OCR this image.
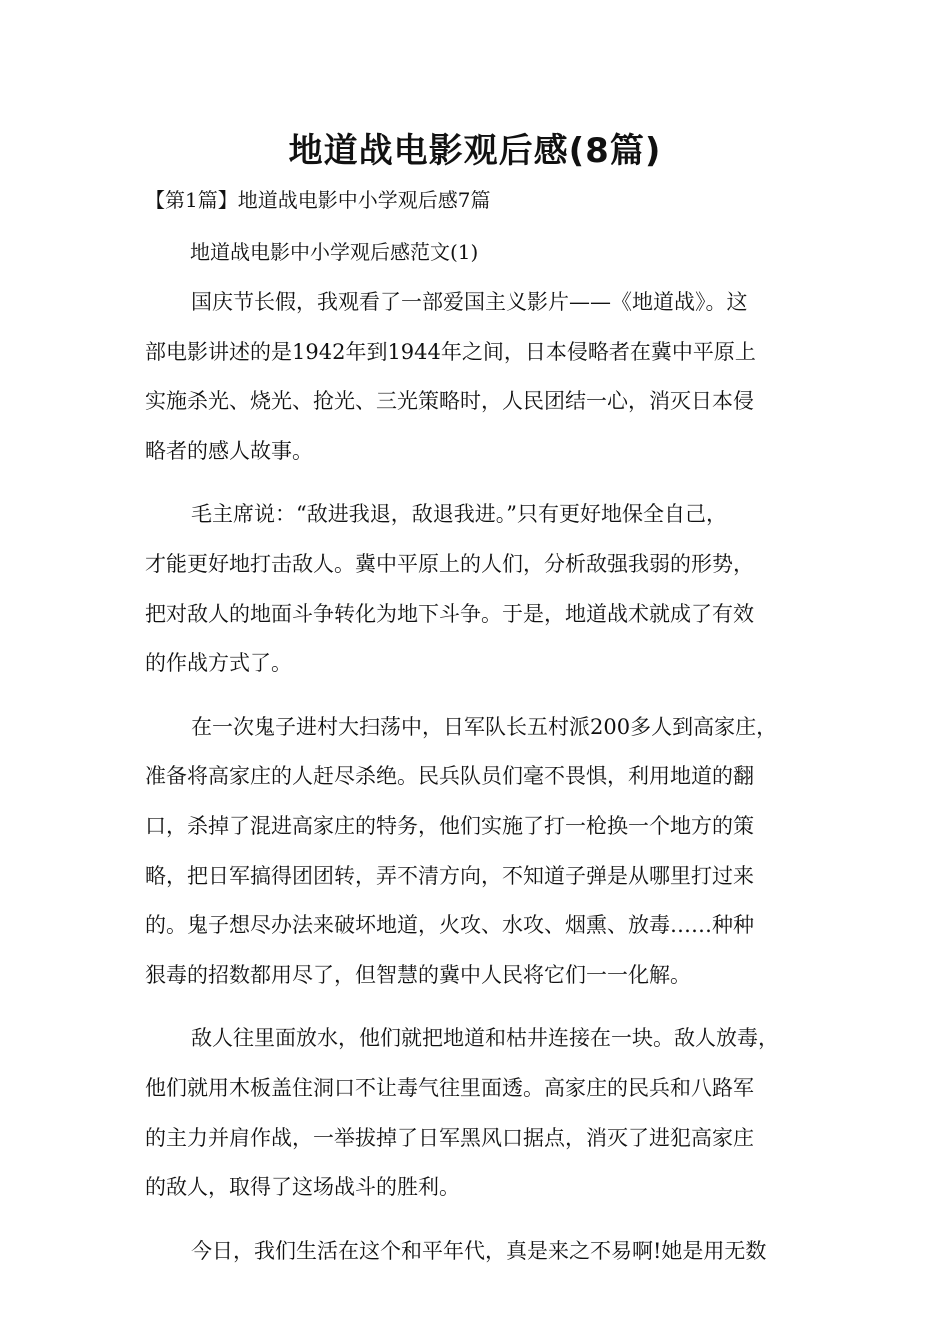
地道战电影观后感(8篇)
【第1篇】地道战电影中小学观后感7篇
地道战电影中小学观后感范文(1)
国庆节长假，我观看了一部爱国主义影片——《地道战》。这
部电影讲述的是1942年到1944年之间，日本侵略者在冀中平原上
实施杀光、烧光、抢光、三光策略时，人民团结一心，消灭日本侵
略者的感人故事。
毛主席说：“敌进我退，敌退我进。”只有更好地保全自己，
才能更好地打击敌人。冀中平原上的人们，分析敌强我弱的形势，
把对敌人的地面斗争转化为地下斗争。于是，地道战术就成了有效
的作战方式了。
在一次鬼子进村大扫荡中，日军队长五村派200多人到高家庄，
准备将高家庄的人赶尽杀绝。民兵队员们毫不畏惧，利用地道的翻
口，杀掉了混进高家庄的特务，他们实施了打一枪换一个地方的策
略，把日军搞得团团转，弄不清方向，不知道子弹是从哪里打过来
的。鬼子想尽办法来破坏地道，火攻、水攻、烟熏、放毒……种种
狠毒的招数都用尽了，但智慧的冀中人民将它们一一化解。
敌人往里面放水，他们就把地道和枯井连接在一块。敌人放毒，
他们就用木板盖住洞口不让毒气往里面透。高家庄的民兵和八路军
的主力并肩作战，一举拔掉了日军黑风口据点，消灭了进犯高家庄
的敌人，取得了这场战斗的胜利。
今日，我们生活在这个和平年代，真是来之不易啊!她是用无数
